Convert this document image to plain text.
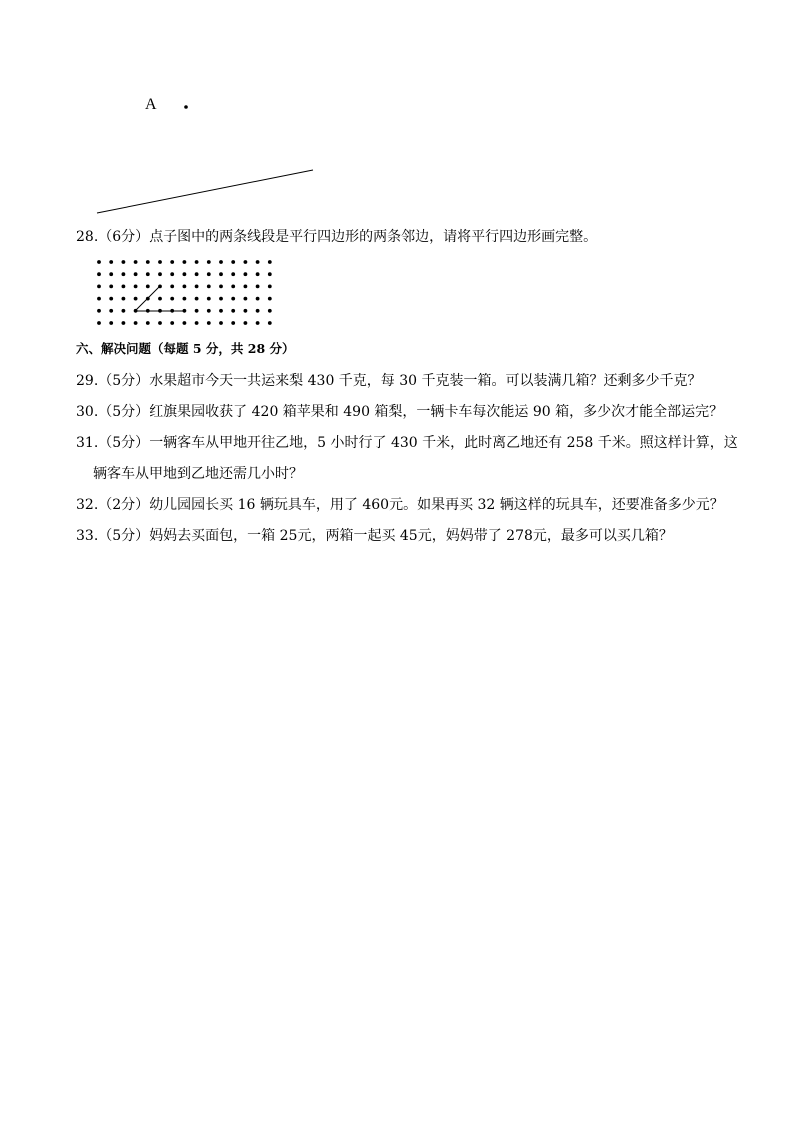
A
28.（6分）点子图中的两条线段是平行四边形的两条邻边，请将平行四边形画完整。
六、解决问题（每题 5 分，共 28 分）
29.（5分）水果超市今天一共运来梨 430 千克，每 30 千克装一箱。可以装满几箱？还剩多少千克？
30.（5分）红旗果园收获了 420 箱苹果和 490 箱梨，一辆卡车每次能运 90 箱，多少次才能全部运完？
31.（5分）一辆客车从甲地开往乙地，5 小时行了 430 千米，此时离乙地还有 258 千米。照这样计算，这
辆客车从甲地到乙地还需几小时？
32.（2分）幼儿园园长买 16 辆玩具车，用了 460元。如果再买 32 辆这样的玩具车，还要准备多少元？
33.（5分）妈妈去买面包，一箱 25元，两箱一起买 45元，妈妈带了 278元，最多可以买几箱？
